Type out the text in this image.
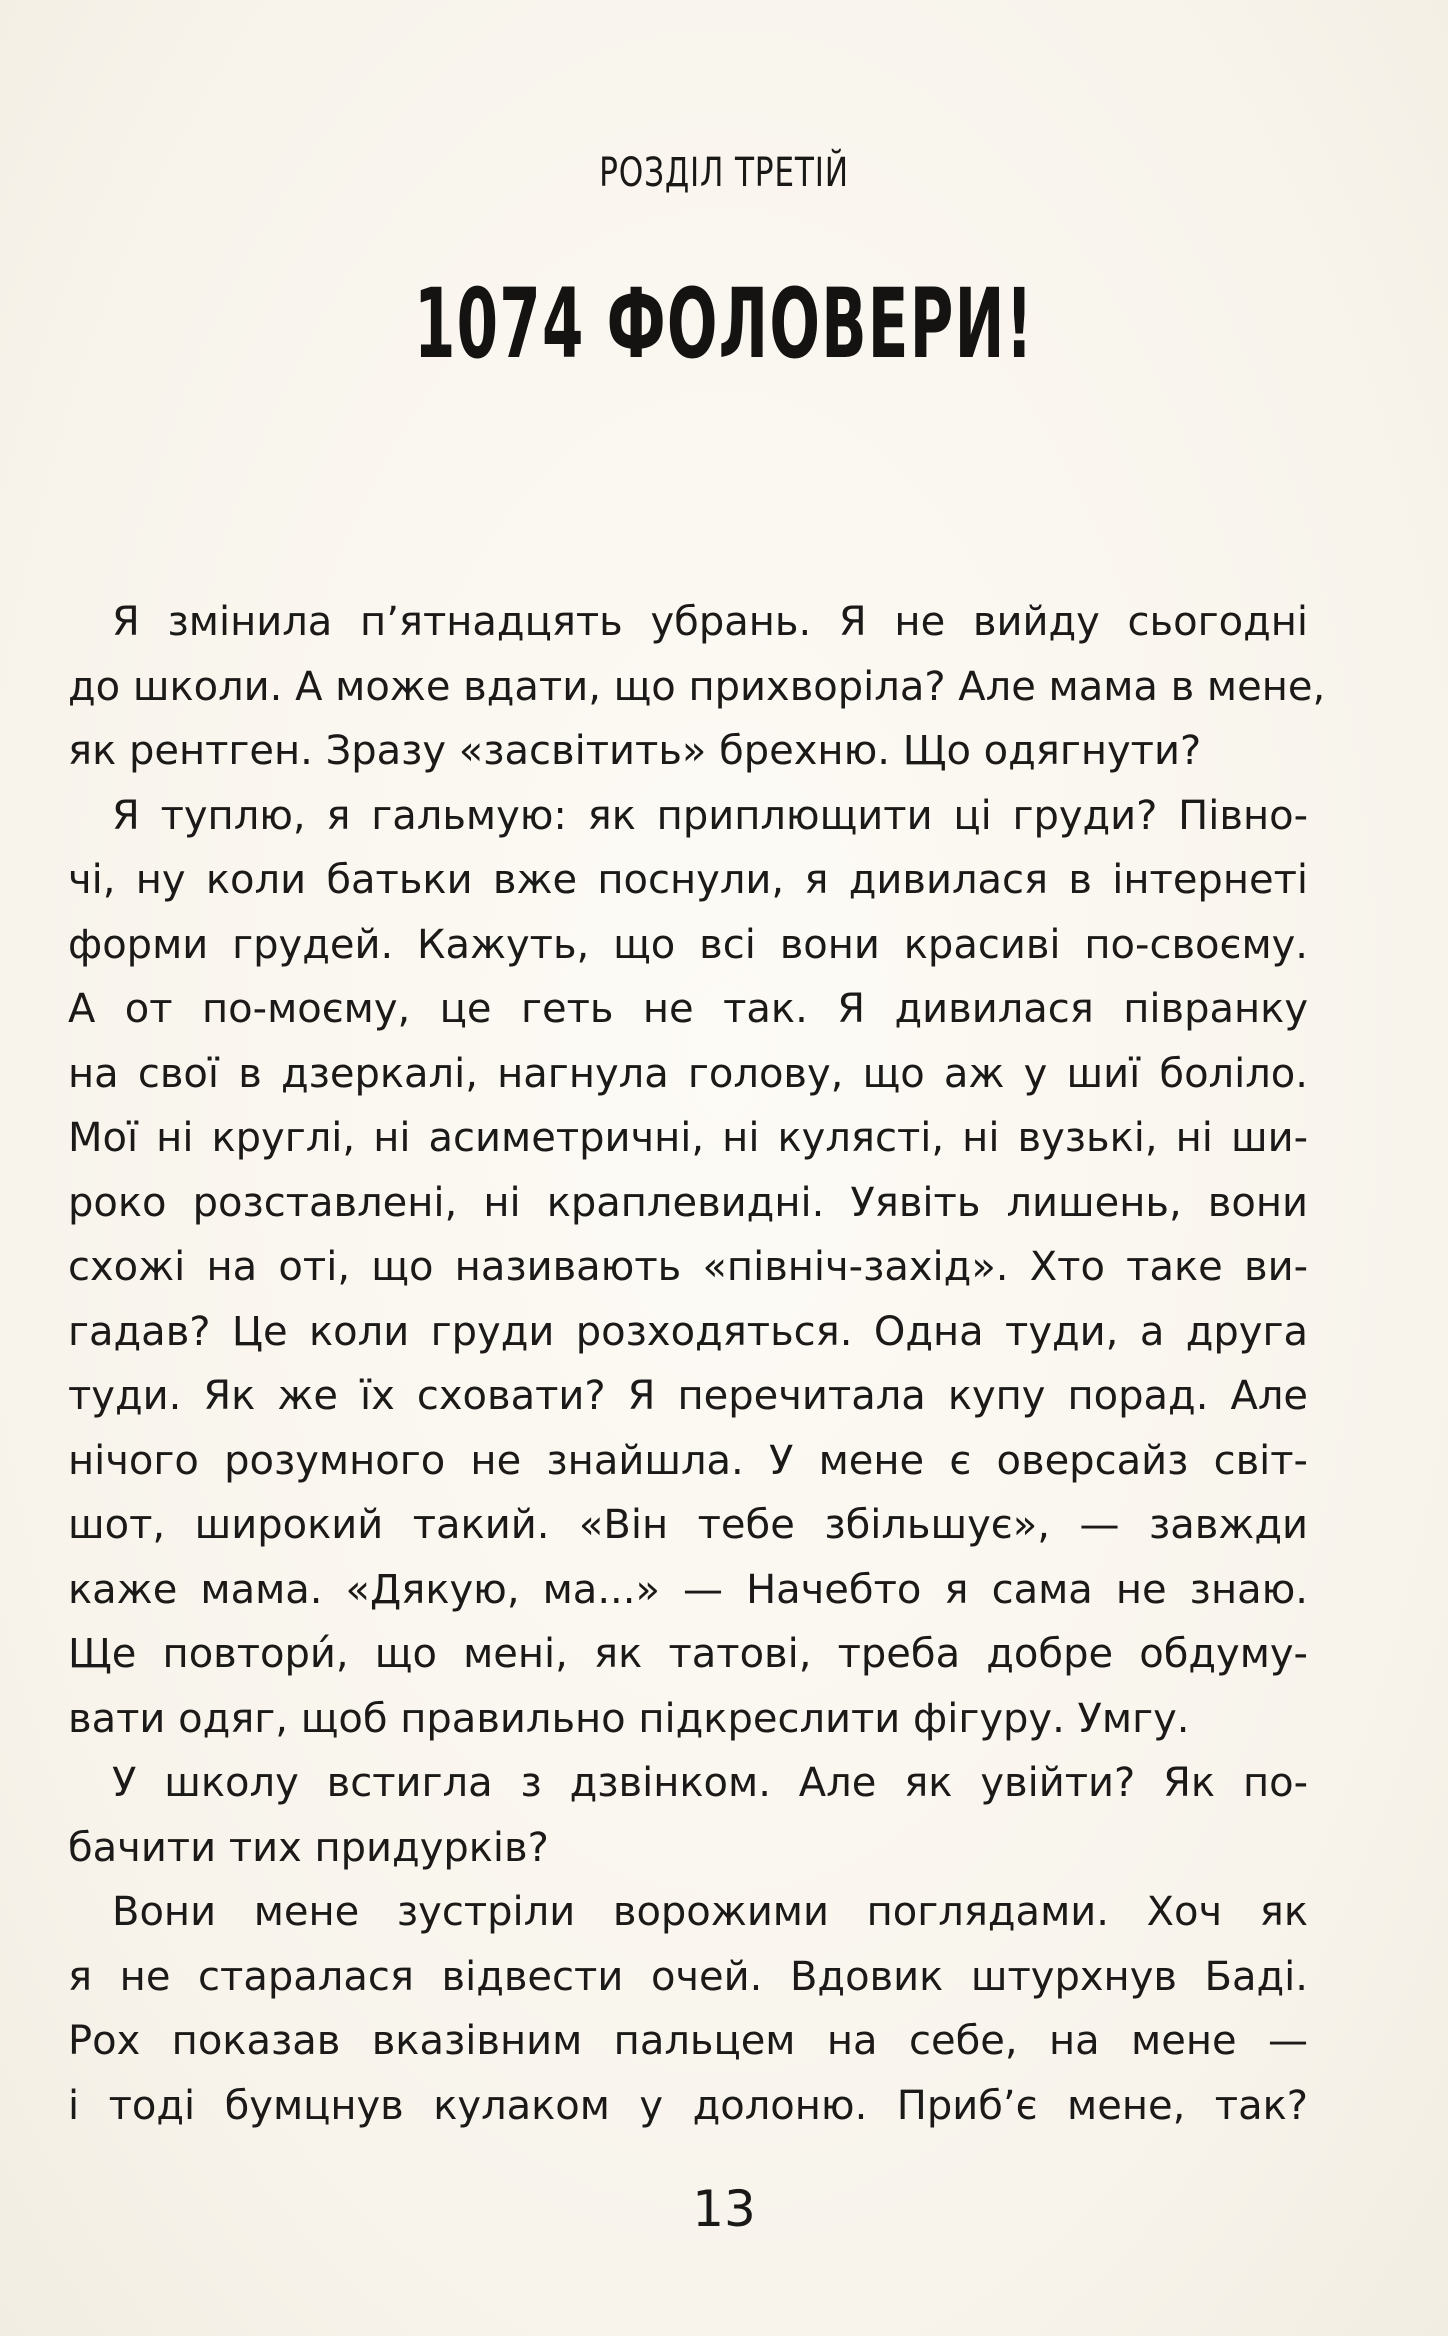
РОЗДІЛ ТРЕТІЙ
1074 ФОЛОВЕРИ!
Я змінила п’ятнадцять убрань. Я не вийду сьогодні
до школи. А може вдати, що прихворіла? Але мама в мене,
як рентген. Зразу «засвітить» брехню. Що одягнути?
Я туплю, я гальмую: як приплющити ці груди? Півно-
чі, ну коли батьки вже поснули, я дивилася в інтернеті
форми грудей. Кажуть, що всі вони красиві по-своєму.
А от по-моєму, це геть не так. Я дивилася півранку
на свої в дзеркалі, нагнула голову, що аж у шиї боліло.
Мої ні круглі, ні асиметричні, ні кулясті, ні вузькі, ні ши-
роко розставлені, ні краплевидні. Уявіть лишень, вони
схожі на оті, що називають «північ-захід». Хто таке ви-
гадав? Це коли груди розходяться. Одна туди, а друга
туди. Як же їх сховати? Я перечитала купу порад. Але
нічого розумного не знайшла. У мене є оверсайз світ-
шот, широкий такий. «Він тебе збільшує», — завжди
каже мама. «Дякую, ма...» — Начебто я сама не знаю.
Ще повтори́, що мені, як татові, треба добре обдуму-
вати одяг, щоб правильно підкреслити фігуру. Умгу.
У школу встигла з дзвінком. Але як увійти? Як по-
бачити тих придурків?
Вони мене зустріли ворожими поглядами. Хоч як
я не старалася відвести очей. Вдовик штурхнув Баді.
Рох показав вказівним пальцем на себе, на мене —
і тоді бумцнув кулаком у долоню. Приб’є мене, так?
13
